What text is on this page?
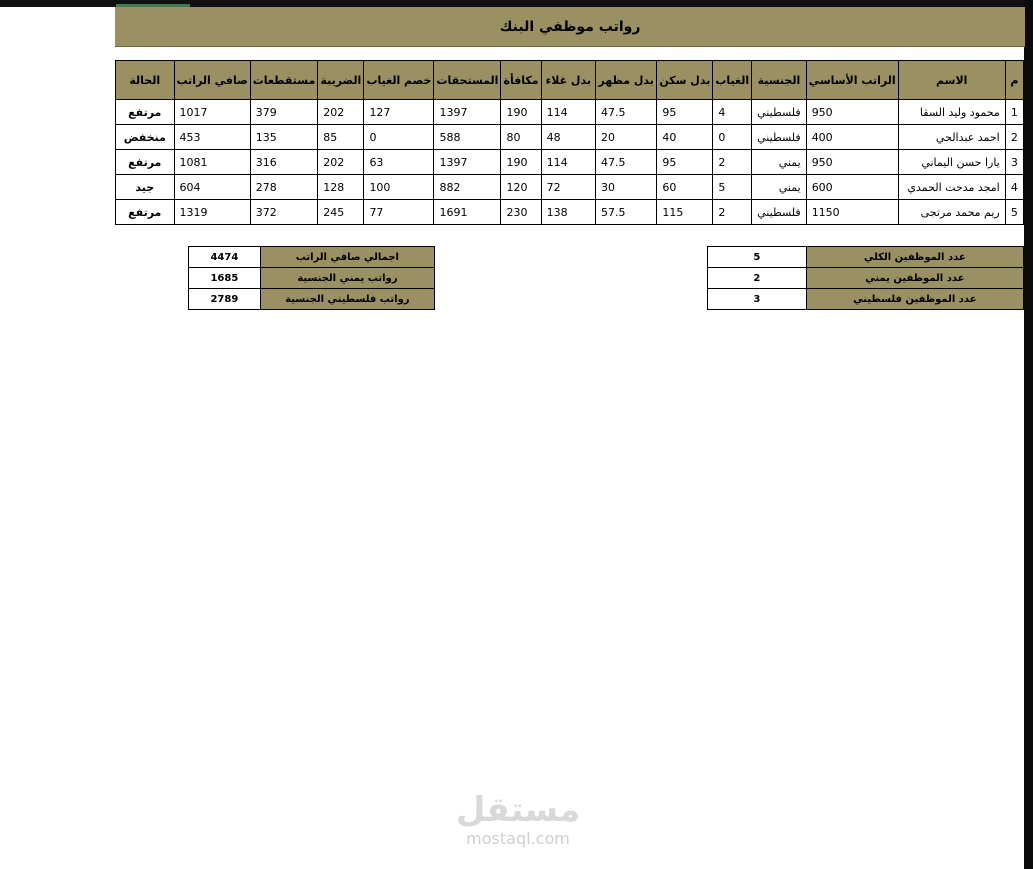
رواتب موظفي البنك
م	الاسم	الراتب الأساسي	الجنسية	الغياب	بدل سكن	بدل مظهر	بدل غلاء	مكافأة	المستحقات	خصم الغياب	الضريبة	مستقطعات	صافي الراتب	الحالة
1	محمود وليد السقا	950	فلسطيني	4	95	47.5	114	190	1397	127	202	379	1017	مرتفع
2	احمد عبدالحي	400	فلسطيني	0	40	20	48	80	588	0	85	135	453	منخفض
3	يارا حسن اليماني	950	يمني	2	95	47.5	114	190	1397	63	202	316	1081	مرتفع
4	امجد مدحت الحمدي	600	يمني	5	60	30	72	120	882	100	128	278	604	جيد
5	ريم محمد مرتجى	1150	فلسطيني	2	115	57.5	138	230	1691	77	245	372	1319	مرتفع
عدد الموظفين الكلي	5
عدد الموظفين يمني	2
عدد الموظفين فلسطيني	3
اجمالي صافي الراتب	4474
رواتب يمني الجنسية	1685
رواتب فلسطيني الجنسية	2789
مستقل
mostaql.com
